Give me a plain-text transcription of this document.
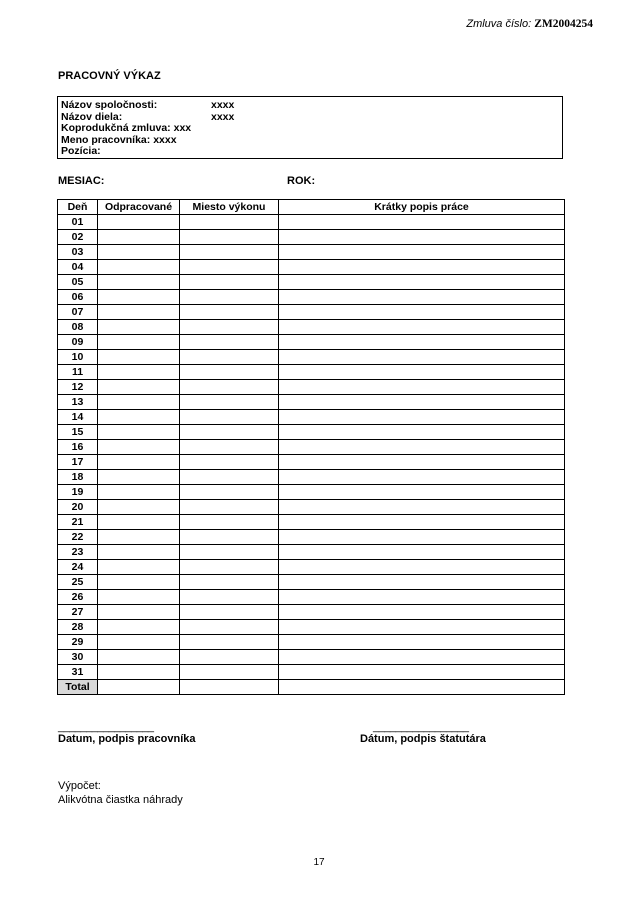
Zmluva číslo: ZM2004254
PRACOVNÝ VÝKAZ
Názov spoločnosti:	xxxx
Názov diela:	xxxx
Koprodukčná zmluva: xxx
Meno pracovníka: xxxx
Pozícia:
MESIAC:	ROK:
Deň	Odpracované	Miesto výkonu	Krátky popis práce
01			
02			
03			
04			
05			
06			
07			
08			
09			
10			
11			
12			
13			
14			
15			
16			
17			
18			
19			
20			
21			
22			
23			
24			
25			
26			
27			
28			
29			
30			
31			
Total			
_________________	_________________
Datum, podpis pracovníka	Dátum, podpis štatutára
Výpočet:
Alikvótna čiastka náhrady
17
